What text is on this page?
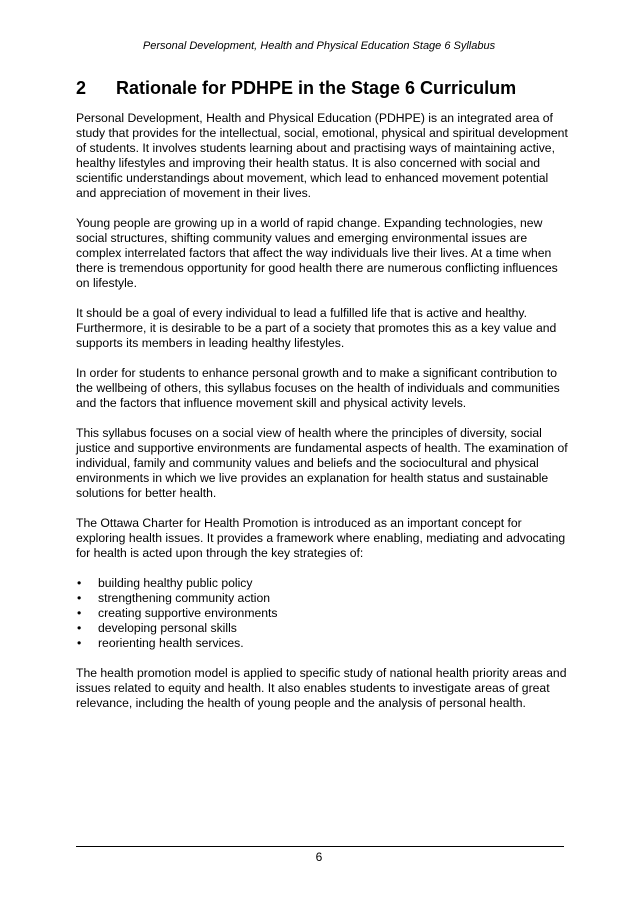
Personal Development, Health and Physical Education Stage 6 Syllabus
2	Rationale for PDHPE in the Stage 6 Curriculum

Personal Development, Health and Physical Education (PDHPE) is an integrated area of study that provides for the intellectual, social, emotional, physical and spiritual development of students. It involves students learning about and practising ways of maintaining active, healthy lifestyles and improving their health status. It is also concerned with social and scientific understandings about movement, which lead to enhanced movement potential and appreciation of movement in their lives.

Young people are growing up in a world of rapid change. Expanding technologies, new social structures, shifting community values and emerging environmental issues are complex interrelated factors that affect the way individuals live their lives. At a time when there is tremendous opportunity for good health there are numerous conflicting influences on lifestyle.

It should be a goal of every individual to lead a fulfilled life that is active and healthy. Furthermore, it is desirable to be a part of a society that promotes this as a key value and supports its members in leading healthy lifestyles.

In order for students to enhance personal growth and to make a significant contribution to the wellbeing of others, this syllabus focuses on the health of individuals and communities and the factors that influence movement skill and physical activity levels.

This syllabus focuses on a social view of health where the principles of diversity, social justice and supportive environments are fundamental aspects of health. The examination of individual, family and community values and beliefs and the sociocultural and physical environments in which we live provides an explanation for health status and sustainable solutions for better health.

The Ottawa Charter for Health Promotion is introduced as an important concept for exploring health issues. It provides a framework where enabling, mediating and advocating for health is acted upon through the key strategies of:

• building healthy public policy
• strengthening community action
• creating supportive environments
• developing personal skills
• reorienting health services.

The health promotion model is applied to specific study of national health priority areas and issues related to equity and health. It also enables students to investigate areas of great relevance, including the health of young people and the analysis of personal health.

6
